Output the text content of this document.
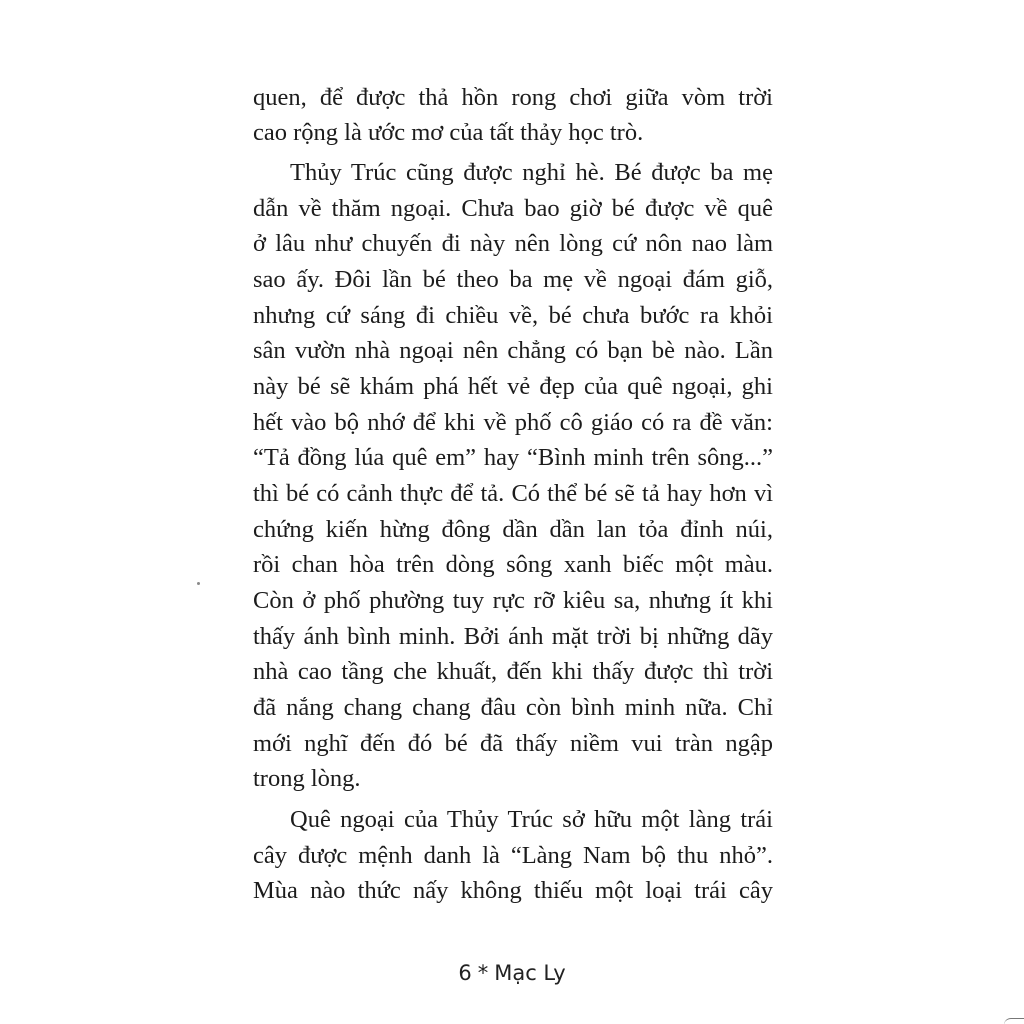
quen, để được thả hồn rong chơi giữa vòm trời
cao rộng là ước mơ của tất thảy học trò.
Thủy Trúc cũng được nghỉ hè. Bé được ba mẹ
dẫn về thăm ngoại. Chưa bao giờ bé được về quê
ở lâu như chuyến đi này nên lòng cứ nôn nao làm
sao ấy. Đôi lần bé theo ba mẹ về ngoại đám giỗ,
nhưng cứ sáng đi chiều về, bé chưa bước ra khỏi
sân vườn nhà ngoại nên chẳng có bạn bè nào. Lần
này bé sẽ khám phá hết vẻ đẹp của quê ngoại, ghi
hết vào bộ nhớ để khi về phố cô giáo có ra đề văn:
“Tả đồng lúa quê em” hay “Bình minh trên sông...”
thì bé có cảnh thực để tả. Có thể bé sẽ tả hay hơn vì
chứng kiến hừng đông dần dần lan tỏa đỉnh núi,
rồi chan hòa trên dòng sông xanh biếc một màu.
Còn ở phố phường tuy rực rỡ kiêu sa, nhưng ít khi
thấy ánh bình minh. Bởi ánh mặt trời bị những dãy
nhà cao tầng che khuất, đến khi thấy được thì trời
đã nắng chang chang đâu còn bình minh nữa. Chỉ
mới nghĩ đến đó bé đã thấy niềm vui tràn ngập
trong lòng.
Quê ngoại của Thủy Trúc sở hữu một làng trái
cây được mệnh danh là “Làng Nam bộ thu nhỏ”.
Mùa nào thức nấy không thiếu một loại trái cây
6 * Mạc Ly
